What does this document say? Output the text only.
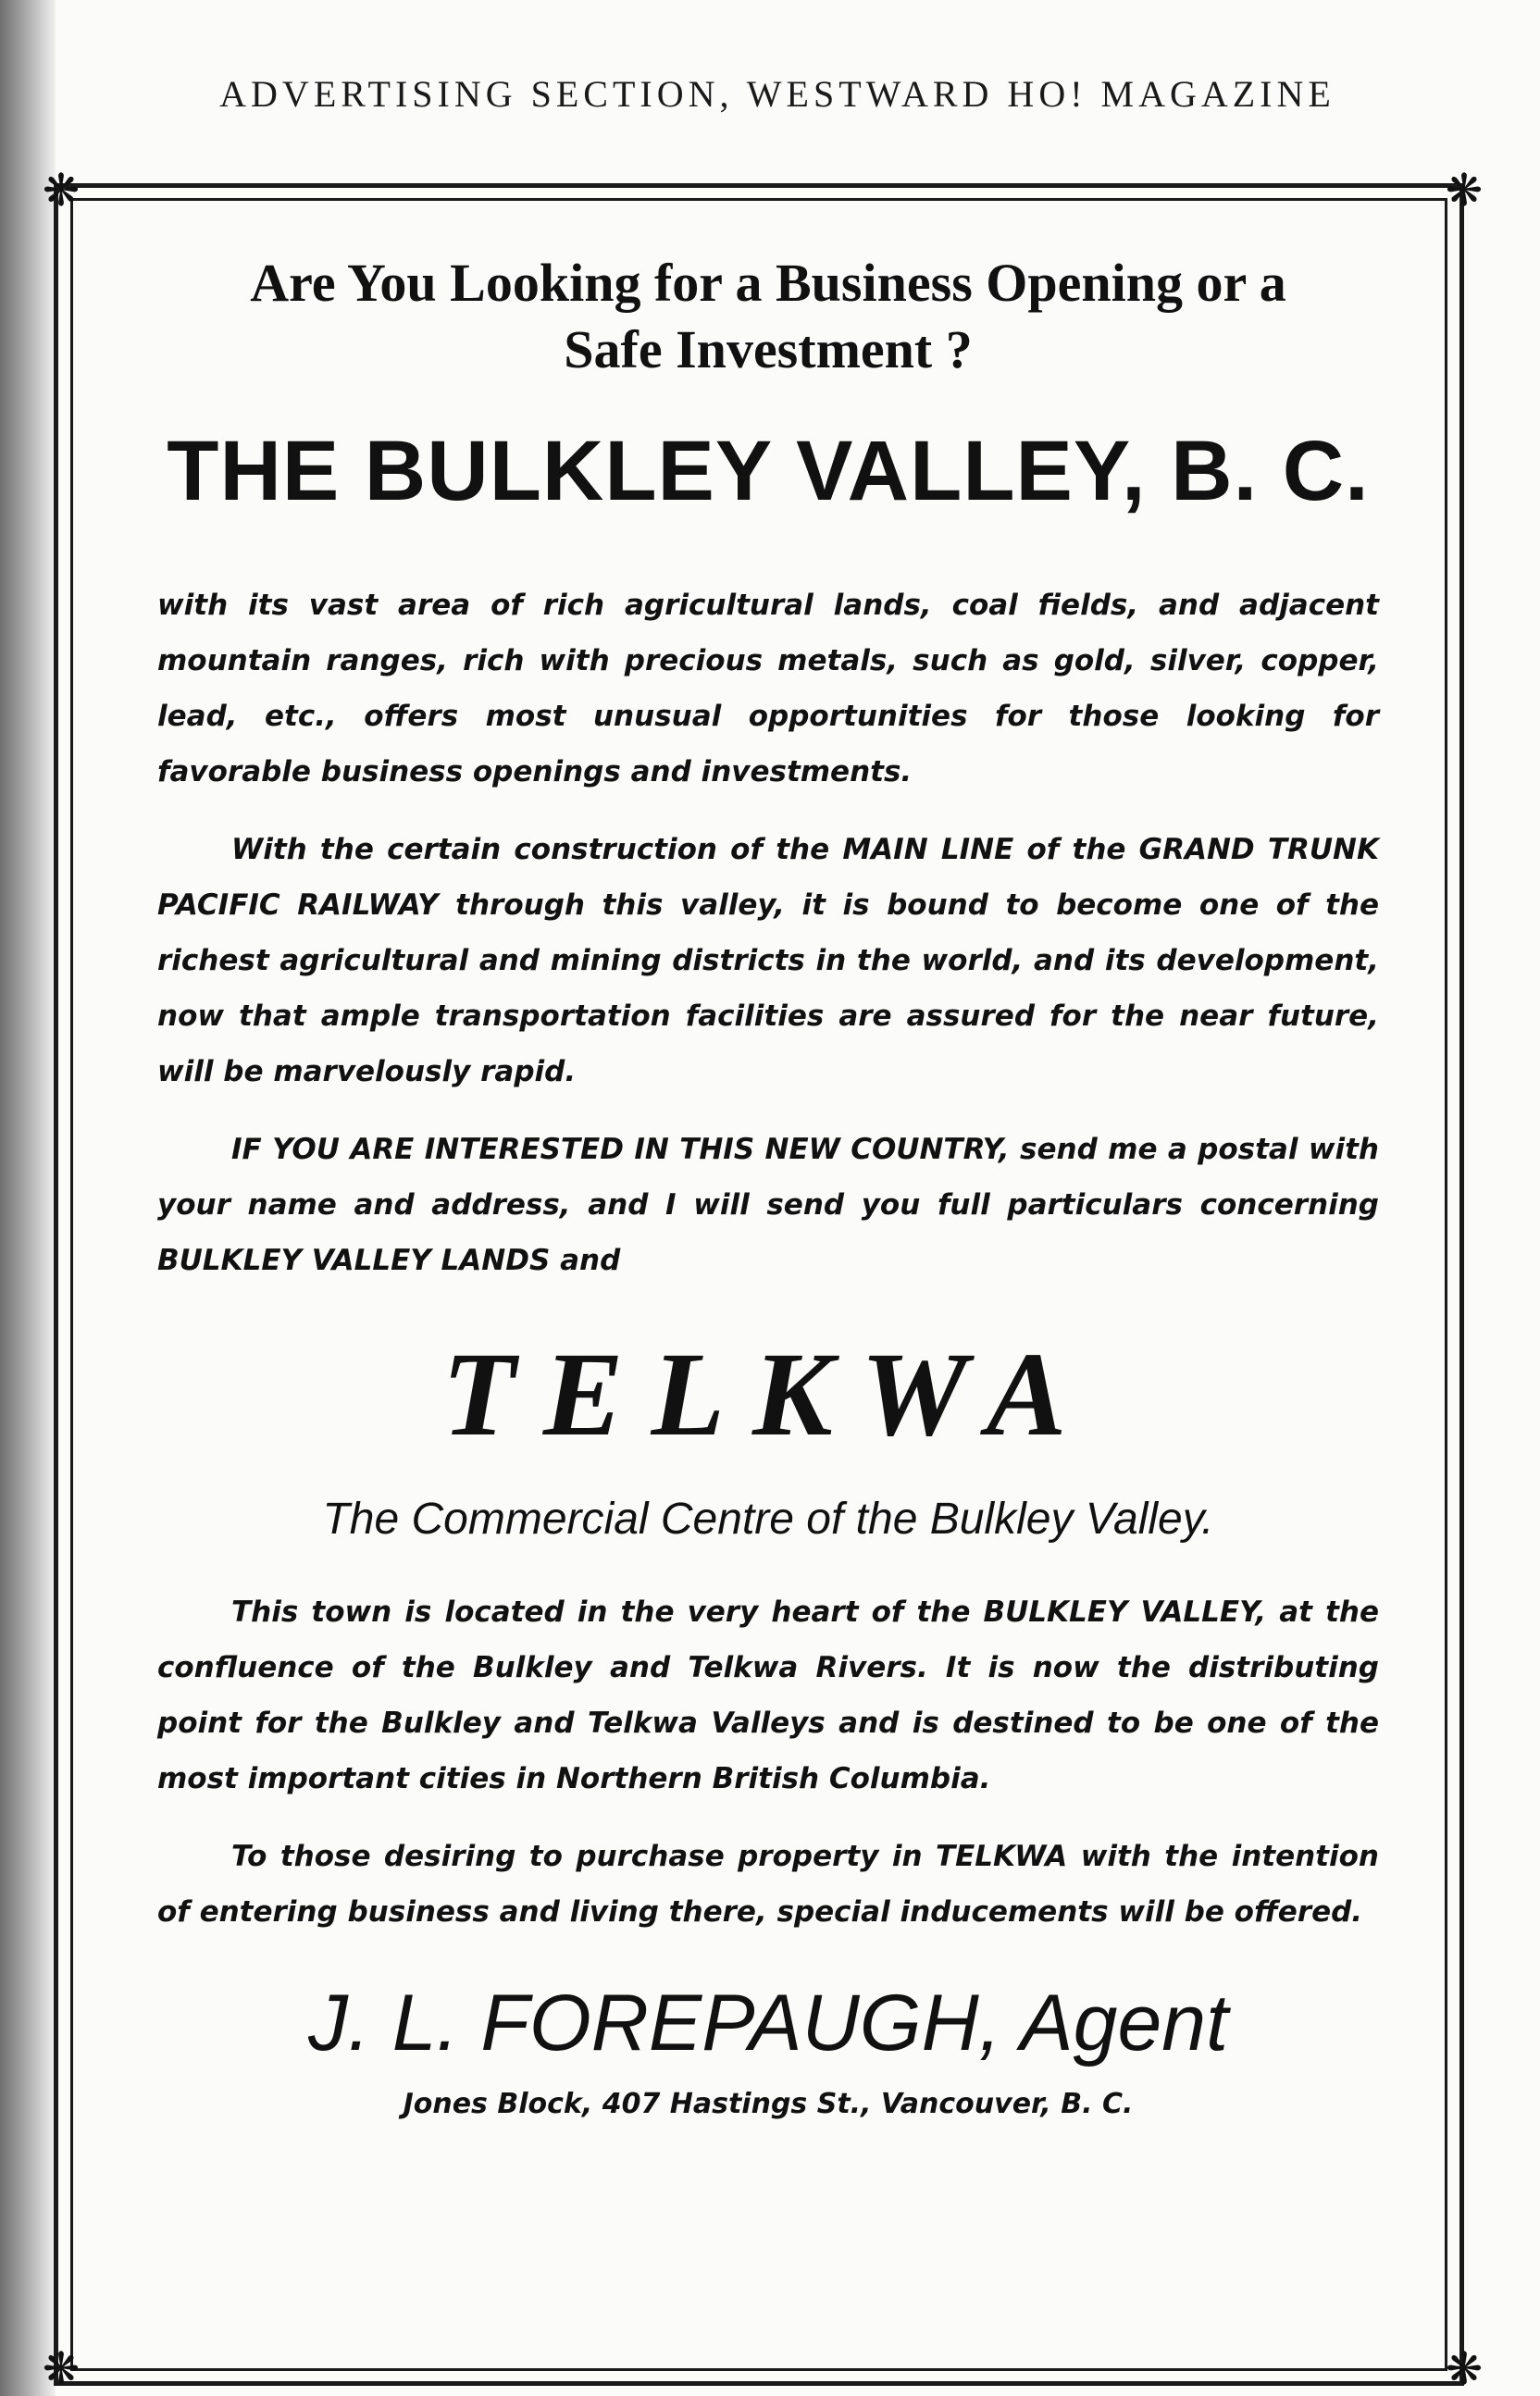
ADVERTISING SECTION, WESTWARD HO! MAGAZINE
❋	❋
❋	❋

Are You Looking for a Business Opening or a
Safe Investment ?

THE BULKLEY VALLEY, B. C.

with its vast area of rich agricultural lands, coal fields, and adjacent mountain ranges, rich with precious metals, such as gold, silver, copper, lead, etc., offers most unusual opportunities for those looking for favorable business openings and investments.

With the certain construction of the MAIN LINE of the GRAND TRUNK PACIFIC RAILWAY through this valley, it is bound to become one of the richest agricultural and mining districts in the world, and its development, now that ample transportation facilities are assured for the near future, will be marvelously rapid.

IF YOU ARE INTERESTED IN THIS NEW COUNTRY, send me a postal with your name and address, and I will send you full particulars concerning BULKLEY VALLEY LANDS and

TELKWA

The Commercial Centre of the Bulkley Valley.

This town is located in the very heart of the BULKLEY VALLEY, at the confluence of the Bulkley and Telkwa Rivers. It is now the distributing point for the Bulkley and Telkwa Valleys and is destined to be one of the most important cities in Northern British Columbia.

To those desiring to purchase property in TELKWA with the intention of entering business and living there, special inducements will be offered.

J. L. FOREPAUGH, Agent

Jones Block, 407 Hastings St., Vancouver, B. C.
